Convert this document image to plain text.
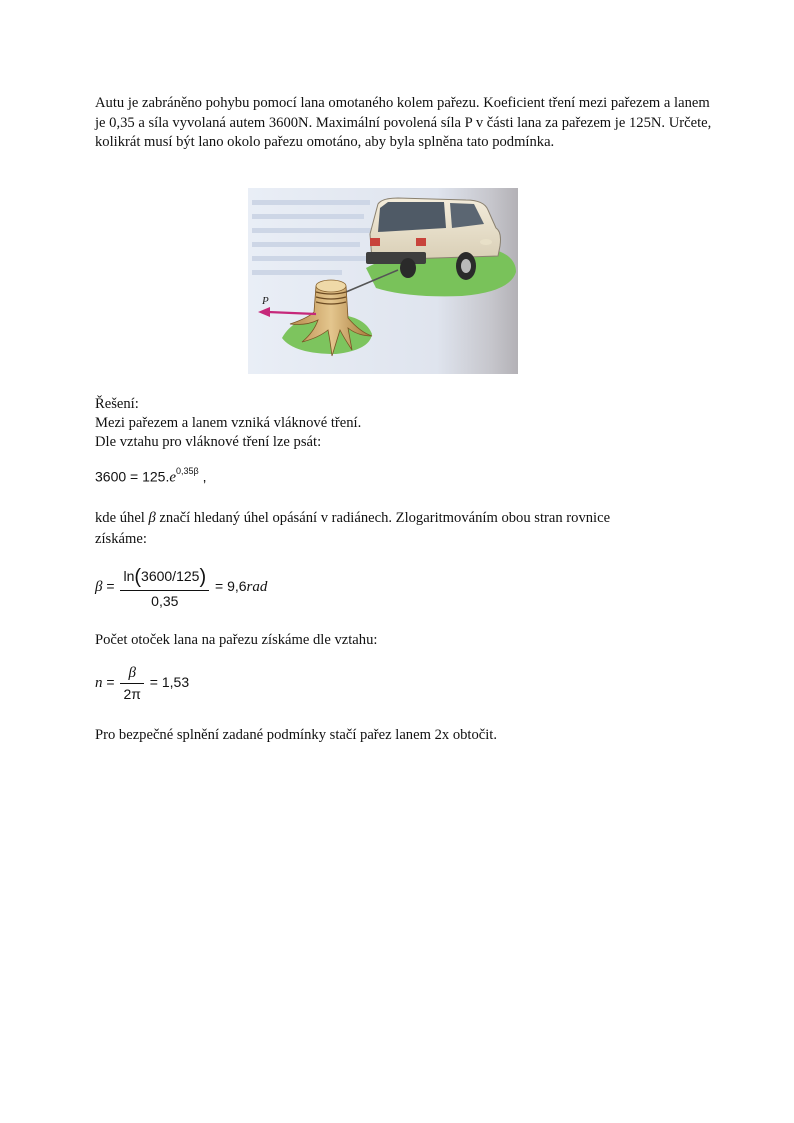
Autu je zabráněno pohybu pomocí lana omotaného kolem pařezu. Koeficient tření mezi pařezem a lanem je 0,35 a síla vyvolaná autem 3600N. Maximální povolená síla P v části lana za pařezem je 125N. Určete, kolikrát musí být lano okolo pařezu omotáno, aby byla splněna tato podmínka.

P

Řešení:

Mezi pařezem a lanem vzniká vláknové tření.

Dle vztahu pro vláknové tření lze psát:

$3600 = 125.e^{0,35\beta}$ ,

kde úhel β značí hledaný úhel opásání v radiánech. Zlogaritmováním obou stran rovnice

získáme:

$\beta = \frac{\ln(3600/125)}{0,35} = 9,6rad$

Počet otoček lana na pařezu získáme dle vztahu:

$n = \frac{\beta}{2\pi} = 1,53$

Pro bezpečné splnění zadané podmínky stačí pařez lanem 2x obtočit.
